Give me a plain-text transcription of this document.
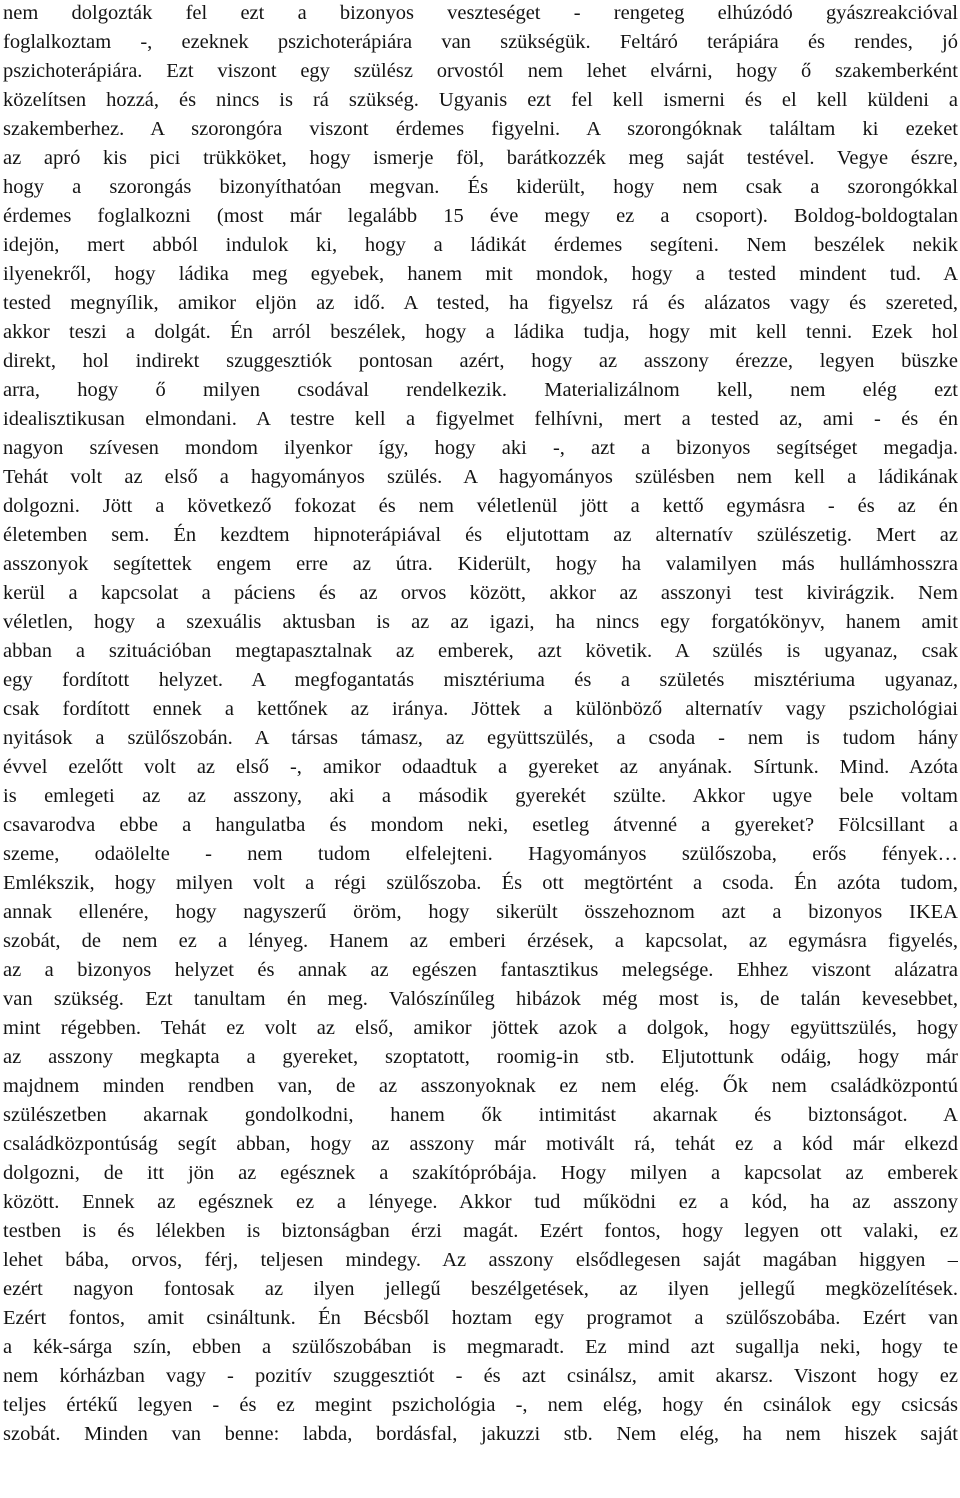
nem dolgozták fel ezt a bizonyos veszteséget - rengeteg elhúzódó gyászreakcióval
foglalkoztam -, ezeknek pszichoterápiára van szükségük. Feltáró terápiára és rendes, jó
pszichoterápiára. Ezt viszont egy szülész orvostól nem lehet elvárni, hogy ő szakemberként
közelítsen hozzá, és nincs is rá szükség. Ugyanis ezt fel kell ismerni és el kell küldeni a
szakemberhez. A szorongóra viszont érdemes figyelni. A szorongóknak találtam ki ezeket
az apró kis pici trükköket, hogy ismerje föl, barátkozzék meg saját testével. Vegye észre,
hogy a szorongás bizonyíthatóan megvan. És kiderült, hogy nem csak a szorongókkal
érdemes foglalkozni (most már legalább 15 éve megy ez a csoport). Boldog-boldogtalan
idejön, mert abból indulok ki, hogy a ládikát érdemes segíteni. Nem beszélek nekik
ilyenekről, hogy ládika meg egyebek, hanem mit mondok, hogy a tested mindent tud. A
tested megnyílik, amikor eljön az idő. A tested, ha figyelsz rá és alázatos vagy és szereted,
akkor teszi a dolgát. Én arról beszélek, hogy a ládika tudja, hogy mit kell tenni. Ezek hol
direkt, hol indirekt szuggesztiók pontosan azért, hogy az asszony érezze, legyen büszke
arra, hogy ő milyen csodával rendelkezik. Materializálnom kell, nem elég ezt
idealisztikusan elmondani. A testre kell a figyelmet felhívni, mert a tested az, ami - és én
nagyon szívesen mondom ilyenkor így, hogy aki -, azt a bizonyos segítséget megadja.
Tehát volt az első a hagyományos szülés. A hagyományos szülésben nem kell a ládikának
dolgozni. Jött a következő fokozat és nem véletlenül jött a kettő egymásra - és az én
életemben sem. Én kezdtem hipnoterápiával és eljutottam az alternatív szülészetig. Mert az
asszonyok segítettek engem erre az útra. Kiderült, hogy ha valamilyen más hullámhosszra
kerül a kapcsolat a páciens és az orvos között, akkor az asszonyi test kivirágzik. Nem
véletlen, hogy a szexuális aktusban is az az igazi, ha nincs egy forgatókönyv, hanem amit
abban a szituációban megtapasztalnak az emberek, azt követik. A szülés is ugyanaz, csak
egy fordított helyzet. A megfogantatás misztériuma és a születés misztériuma ugyanaz,
csak fordított ennek a kettőnek az iránya. Jöttek a különböző alternatív vagy pszichológiai
nyitások a szülőszobán. A társas támasz, az együttszülés, a csoda - nem is tudom hány
évvel ezelőtt volt az első -, amikor odaadtuk a gyereket az anyának. Sírtunk. Mind. Azóta
is emlegeti az az asszony, aki a második gyerekét szülte. Akkor ugye bele voltam
csavarodva ebbe a hangulatba és mondom neki, esetleg átvenné a gyereket? Fölcsillant a
szeme, odaölelte - nem tudom elfelejteni. Hagyományos szülőszoba, erős fények…
Emlékszik, hogy milyen volt a régi szülőszoba. És ott megtörtént a csoda. Én azóta tudom,
annak ellenére, hogy nagyszerű öröm, hogy sikerült összehoznom azt a bizonyos IKEA
szobát, de nem ez a lényeg. Hanem az emberi érzések, a kapcsolat, az egymásra figyelés,
az a bizonyos helyzet és annak az egészen fantasztikus melegsége. Ehhez viszont alázatra
van szükség. Ezt tanultam én meg. Valószínűleg hibázok még most is, de talán kevesebbet,
mint régebben. Tehát ez volt az első, amikor jöttek azok a dolgok, hogy együttszülés, hogy
az asszony megkapta a gyereket, szoptatott, roomig-in stb. Eljutottunk odáig, hogy már
majdnem minden rendben van, de az asszonyoknak ez nem elég. Ők nem családközpontú
szülészetben akarnak gondolkodni, hanem ők intimitást akarnak és biztonságot. A
családközpontúság segít abban, hogy az asszony már motivált rá, tehát ez a kód már elkezd
dolgozni, de itt jön az egésznek a szakítópróbája. Hogy milyen a kapcsolat az emberek
között. Ennek az egésznek ez a lényege. Akkor tud működni ez a kód, ha az asszony
testben is és lélekben is biztonságban érzi magát. Ezért fontos, hogy legyen ott valaki, ez
lehet bába, orvos, férj, teljesen mindegy. Az asszony elsődlegesen saját magában higgyen –
ezért nagyon fontosak az ilyen jellegű beszélgetések, az ilyen jellegű megközelítések.
Ezért fontos, amit csináltunk. Én Bécsből hoztam egy programot a szülőszobába. Ezért van
a kék-sárga szín, ebben a szülőszobában is megmaradt. Ez mind azt sugallja neki, hogy te
nem kórházban vagy - pozitív szuggesztiót - és azt csinálsz, amit akarsz. Viszont hogy ez
teljes értékű legyen - és ez megint pszichológia -, nem elég, hogy én csinálok egy csicsás
szobát. Minden van benne: labda, bordásfal, jakuzzi stb. Nem elég, ha nem hiszek saját
